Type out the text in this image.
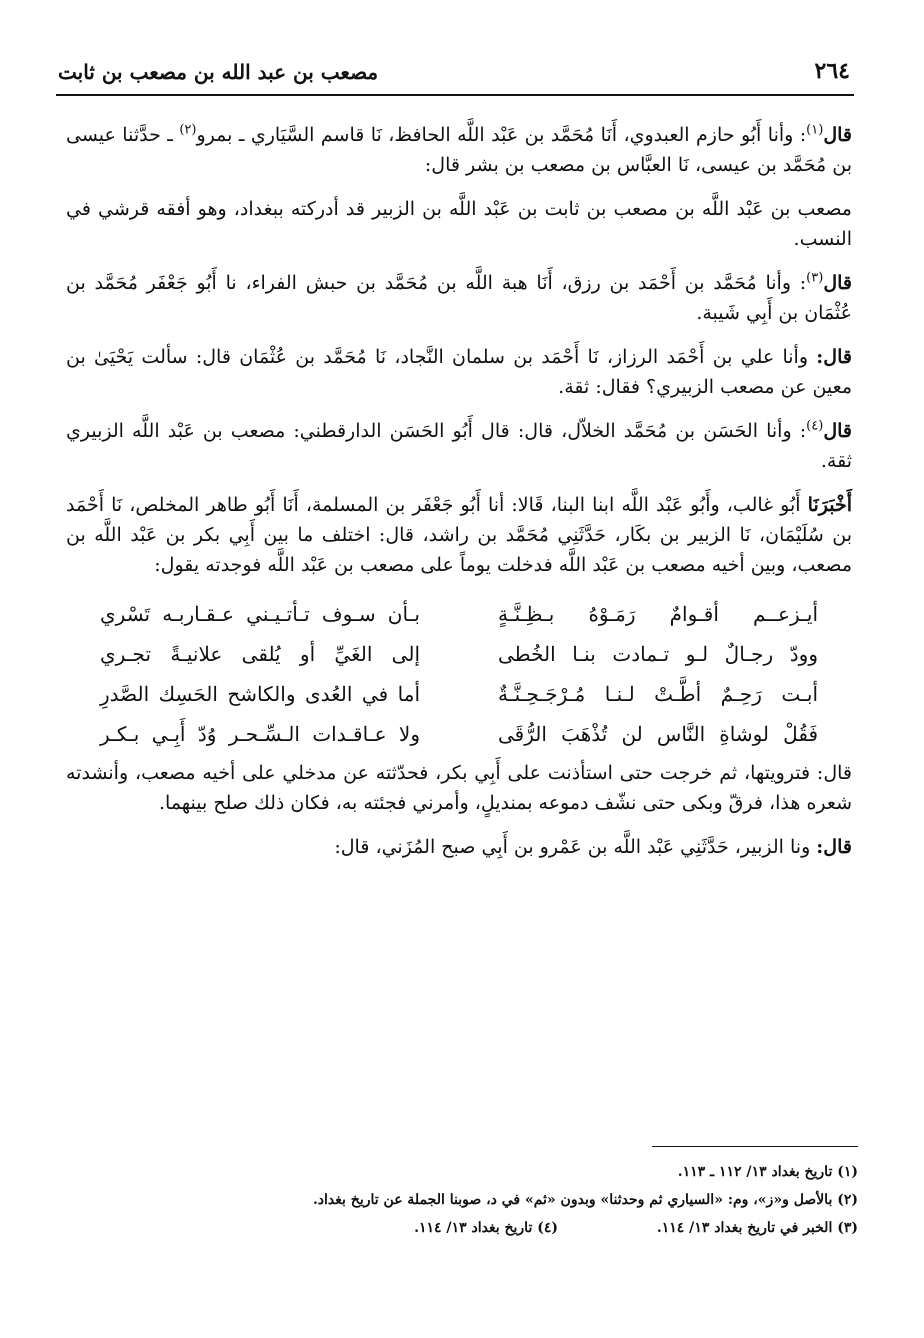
٢٦٤
مصعب بن عبد الله بن مصعب بن ثابت

قال$^{(١)}$: وأنا أَبُو حازم العبدوي، أَنَا مُحَمَّد بن عَبْد اللَّه الحافظ، نَا قاسم السَّيَاري ـ بمرو$^{(٢)}$ ـ حدَّثنا عيسى بن مُحَمَّد بن عيسى، نَا العبَّاس بن مصعب بن بشر قال:

مصعب بن عَبْد اللَّه بن مصعب بن ثابت بن عَبْد اللَّه بن الزبير قد أدركته ببغداد، وهو أفقه قرشي في النسب.

قال$^{(٣)}$: وأنا مُحَمَّد بن أَحْمَد بن رزق، أَنَا هبة اللَّه بن مُحَمَّد بن حبش الفراء، نا أَبُو جَعْفَر مُحَمَّد بن عُثْمَان بن أَبِي شَيبة.

قال: وأنا علي بن أَحْمَد الرزاز، نَا أَحْمَد بن سلمان النَّجاد، نَا مُحَمَّد بن عُثْمَان قال: سألت يَحْيَىٰ بن معين عن مصعب الزبيري؟ فقال: ثقة.

قال$^{(٤)}$: وأنا الحَسَن بن مُحَمَّد الخلاّل، قال: قال أَبُو الحَسَن الدارقطني: مصعب بن عَبْد اللَّه الزبيري ثقة.

أَخْبَرَنَا أَبُو غالب، وأَبُو عَبْد اللَّه ابنا البنا، قَالا: أنا أَبُو جَعْفَر بن المسلمة، أَنَا أَبُو طاهر المخلص، نَا أَحْمَد بن سُلَيْمَان، نَا الزبير بن بكَار، حَدَّثَنِي مُحَمَّد بن راشد، قال: اختلف ما بين أَبِي بكر بن عَبْد اللَّه بن مصعب، وبين أخيه مصعب بن عَبْد اللَّه فدخلت يوماً على مصعب بن عَبْد اللَّه فوجدته يقول:

أيـزعــم أقـوامٌ رَمَـوْهُ بـظِـنَّـةٍ
بـأن سـوف تـأتـيـني عـقـاربـه تَسْري
وودّ رجـالٌ لـو تـمادت بنـا الخُطى
إلى الغَيِّ أو يُلقى علانيـةً تجـري
أبـت رَحِـمٌ أطَّـتْ لـنـا مُـرْجَـحِـنَّـةٌ
أما في العُدى والكاشح الحَسِك الصَّدرِ
فَقُلْ لوشاةِ النَّاس لن تُذْهَبَ الرُّقَى
ولا عـاقـدات الـسِّـحـر وُدّ أَبِـي بـكـر

قال: فترويتها، ثم خرجت حتى استأذنت على أَبِي بكر، فحدّثته عن مدخلي على أخيه مصعب، وأنشدته شعره هذا، فرقّ وبكى حتى نشّف دموعه بمنديلٍ، وأمرني فجئته به، فكان ذلك صلح بينهما.

قال: ونا الزبير، حَدَّثَنِي عَبْد اللَّه بن عَمْرو بن أَبِي صبح المُزَني، قال:

(١) تاريخ بغداد ١٣/ ١١٢ ـ ١١٣.
(٢) بالأصل و«ز»، وم: «السياري ثم وحدثنا» وبدون «ثم» في د، صوبنا الجملة عن تاريخ بغداد.
(٣) الخبر في تاريخ بغداد ١٣/ ١١٤.
(٤) تاريخ بغداد ١٣/ ١١٤.
